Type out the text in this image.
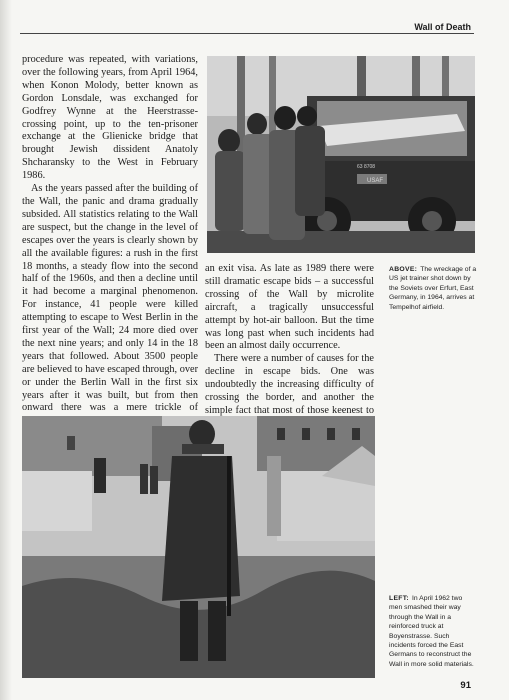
Wall of Death

procedure was repeated, with variations, over the following years, from April 1964, when Konon Molody, better known as Gordon Lonsdale, was exchanged for Godfrey Wynne at the Heerstrasse-crossing point, up to the ten-prisoner exchange at the Glienicke bridge that brought Jewish dissident Anatoly Shcharansky to the West in February 1986.

As the years passed after the building of the Wall, the panic and drama gradually subsided. All statistics relating to the Wall are suspect, but the change in the level of escapes over the years is clearly shown by all the available figures: a rush in the first 18 months, a steady flow into the second half of the 1960s, and then a decline until it had become a marginal phenomenon. For instance, 41 people were killed attempting to escape to West Berlin in the first year of the Wall; 24 more died over the next nine years; and only 14 in the 18 years that followed. About 3500 people are believed to have escaped through, over or under the Berlin Wall in the first six years after it was built, but from then onward there was a mere trickle of

USAF
63 8708

an exit visa. As late as 1989 there were still dramatic escape bids – a successful crossing of the Wall by microlite aircraft, a tragically unsuccessful attempt by hot-air balloon. But the time was long past when such incidents had been an almost daily occurrence.

There were a number of causes for the decline in escape bids. One was undoubtedly the increasing difficulty of crossing the border, and another the simple fact that most of those keenest to

ABOVE: The wreckage of a US jet trainer shot down by the Soviets over Erfurt, East Germany, in 1964, arrives at Tempelhof airfield.
LEFT: In April 1962 two men smashed their way through the Wall in a reinforced truck at Boyenstrasse. Such incidents forced the East Germans to reconstruct the Wall in more solid materials.
91
